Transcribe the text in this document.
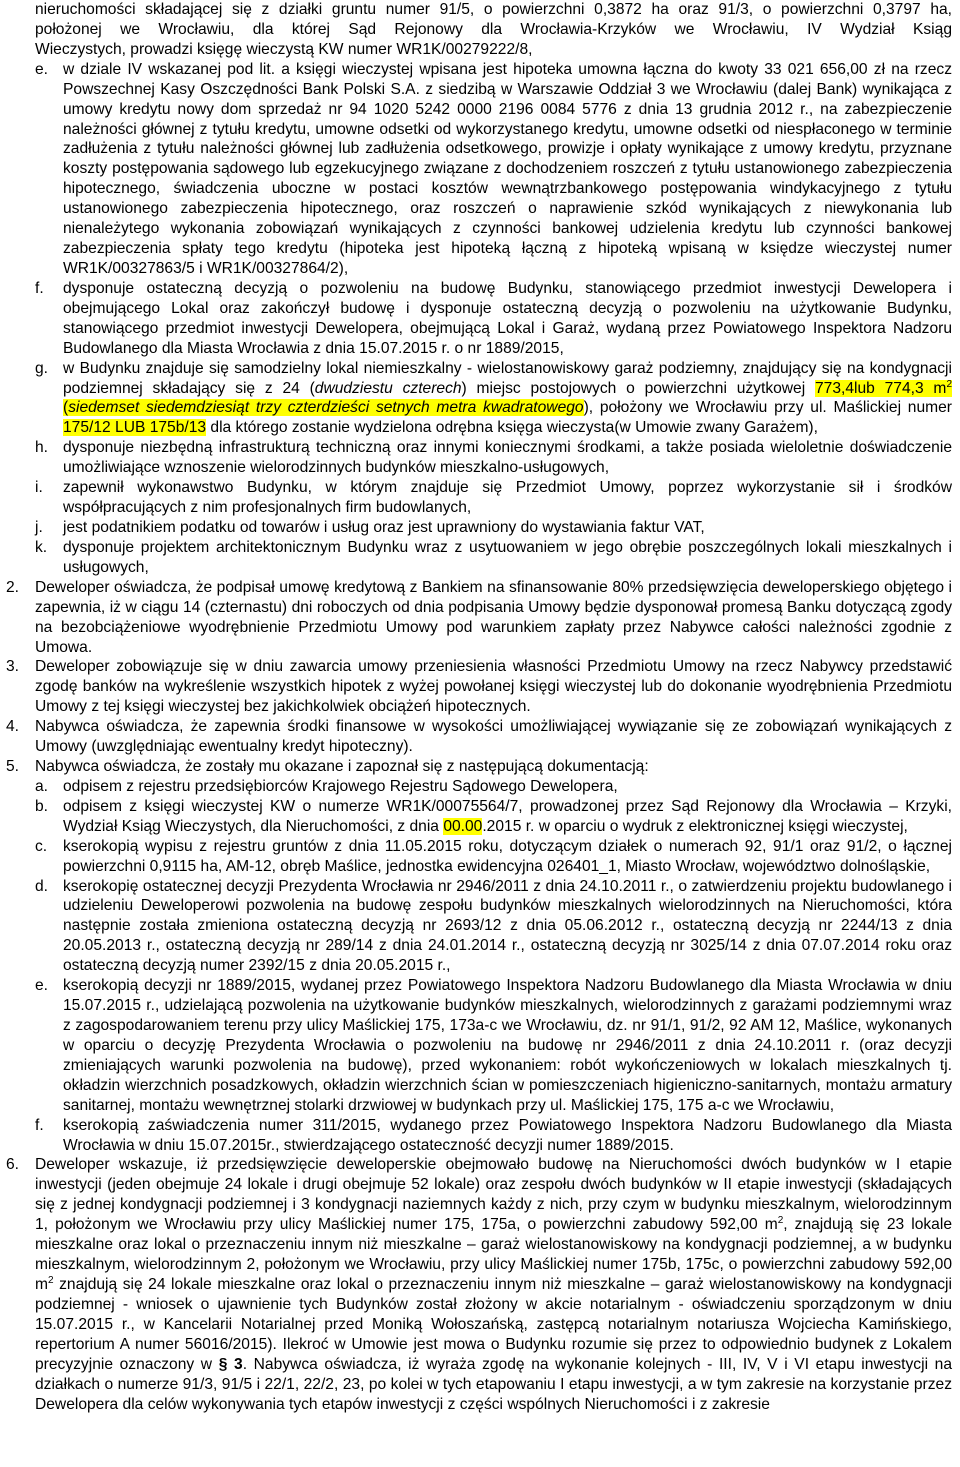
nieruchomości składającej się z działki gruntu numer 91/5, o powierzchni 0,3872 ha oraz 91/3, o powierzchni 0,3797 ha,
położonej we Wrocławiu, dla której Sąd Rejonowy dla Wrocławia-Krzyków we Wrocławiu, IV Wydział Ksiąg
Wieczystych, prowadzi księgę wieczystą KW numer WR1K/00279222/8,
e. w dziale IV wskazanej pod lit. a księgi wieczystej wpisana jest hipoteka umowna łączna do kwoty 33 021 656,00 zł na rzecz Powszechnej Kasy Oszczędności Bank Polski S.A. z siedzibą w Warszawie Oddział 3 we Wrocławiu (dalej Bank) wynikająca z umowy kredytu nowy dom sprzedaż nr 94 1020 5242 0000 2196 0084 5776 z dnia 13 grudnia 2012 r., na zabezpieczenie należności głównej z tytułu kredytu, umowne odsetki od wykorzystanego kredytu, umowne odsetki od niespłaconego w terminie zadłużenia z tytułu należności głównej lub zadłużenia odsetkowego, prowizje i opłaty wynikające z umowy kredytu, przyznane koszty postępowania sądowego lub egzekucyjnego związane z dochodzeniem roszczeń z tytułu ustanowionego zabezpieczenia hipotecznego, świadczenia uboczne w postaci kosztów wewnątrzbankowego postępowania windykacyjnego z tytułu ustanowionego zabezpieczenia hipotecznego, oraz roszczeń o naprawienie szkód wynikających z niewykonania lub nienależytego wykonania zobowiązań wynikających z czynności bankowej udzielenia kredytu lub czynności bankowej zabezpieczenia spłaty tego kredytu (hipoteka jest hipoteką łączną z hipoteką wpisaną w księdze wieczystej numer WR1K/00327863/5 i WR1K/00327864/2),
f. dysponuje ostateczną decyzją o pozwoleniu na budowę Budynku, stanowiącego przedmiot inwestycji Dewelopera i obejmującego Lokal oraz zakończył budowę i dysponuje ostateczną decyzją o pozwoleniu na użytkowanie Budynku, stanowiącego przedmiot inwestycji Dewelopera, obejmującą Lokal i Garaż, wydaną przez Powiatowego Inspektora Nadzoru Budowlanego dla Miasta Wrocławia z dnia 15.07.2015 r. o nr 1889/2015,
g. w Budynku znajduje się samodzielny lokal niemieszkalny - wielostanowiskowy garaż podziemny, znajdujący się na kondygnacji podziemnej składający się z 24 (dwudziestu czterech) miejsc postojowych o powierzchni użytkowej 773,4lub 774,3 $m^2$ (siedemset siedemdziesiąt trzy czterdzieści setnych metra kwadratowego), położony we Wrocławiu przy ul. Maślickiej numer 175/12 LUB 175b/13 dla którego zostanie wydzielona odrębna księga wieczysta(w Umowie zwany Garażem),
h. dysponuje niezbędną infrastrukturą techniczną oraz innymi koniecznymi środkami, a także posiada wieloletnie doświadczenie umożliwiające wznoszenie wielorodzinnych budynków mieszkalno-usługowych,
i. zapewnił wykonawstwo Budynku, w którym znajduje się Przedmiot Umowy, poprzez wykorzystanie sił i środków współpracujących z nim profesjonalnych firm budowlanych,
j. jest podatnikiem podatku od towarów i usług oraz jest uprawniony do wystawiania faktur VAT,
k. dysponuje projektem architektonicznym Budynku wraz z usytuowaniem w jego obrębie poszczególnych lokali mieszkalnych i usługowych,
2. Deweloper oświadcza, że podpisał umowę kredytową z Bankiem na sfinansowanie 80% przedsięwzięcia deweloperskiego objętego i zapewnia, iż w ciągu 14 (czternastu) dni roboczych od dnia podpisania Umowy będzie dysponował promesą Banku dotyczącą zgody na bezobciążeniowe wyodrębnienie Przedmiotu Umowy pod warunkiem zapłaty przez Nabywce całości należności zgodnie z Umowa.
3. Deweloper zobowiązuje się w dniu zawarcia umowy przeniesienia własności Przedmiotu Umowy na rzecz Nabywcy przedstawić zgodę banków na wykreślenie wszystkich hipotek z wyżej powołanej księgi wieczystej lub do dokonanie wyodrębnienia Przedmiotu Umowy z tej księgi wieczystej bez jakichkolwiek obciążeń hipotecznych.
4. Nabywca oświadcza, że zapewnia środki finansowe w wysokości umożliwiającej wywiązanie się ze zobowiązań wynikających z Umowy (uwzględniając ewentualny kredyt hipoteczny).
5. Nabywca oświadcza, że zostały mu okazane i zapoznał się z następującą dokumentacją:
a. odpisem z rejestru przedsiębiorców Krajowego Rejestru Sądowego Dewelopera,
b. odpisem z księgi wieczystej KW o numerze WR1K/00075564/7, prowadzonej przez Sąd Rejonowy dla Wrocławia – Krzyki, Wydział Ksiąg Wieczystych, dla Nieruchomości, z dnia 00.00.2015 r. w oparciu o wydruk z elektronicznej księgi wieczystej,
c. kserokopią wypisu z rejestru gruntów z dnia 11.05.2015 roku, dotyczącym działek o numerach 92, 91/1 oraz 91/2, o łącznej powierzchni 0,9115 ha, AM-12, obręb Maślice, jednostka ewidencyjna 026401_1, Miasto Wrocław, województwo dolnośląskie,
d. kserokopię ostatecznej decyzji Prezydenta Wrocławia nr 2946/2011 z dnia 24.10.2011 r., o zatwierdzeniu projektu budowlanego i udzieleniu Deweloperowi pozwolenia na budowę zespołu budynków mieszkalnych wielorodzinnych na Nieruchomości, która następnie została zmieniona ostateczną decyzją nr 2693/12 z dnia 05.06.2012 r., ostateczną decyzją nr 2244/13 z dnia 20.05.2013 r., ostateczną decyzją nr 289/14 z dnia 24.01.2014 r., ostateczną decyzją nr 3025/14 z dnia 07.07.2014 roku oraz ostateczną decyzją numer 2392/15 z dnia 20.05.2015 r.,
e. kserokopią decyzji nr 1889/2015, wydanej przez Powiatowego Inspektora Nadzoru Budowlanego dla Miasta Wrocławia w dniu 15.07.2015 r., udzielającą pozwolenia na użytkowanie budynków mieszkalnych, wielorodzinnych z garażami podziemnymi wraz z zagospodarowaniem terenu przy ulicy Maślickiej 175, 173a-c we Wrocławiu, dz. nr 91/1, 91/2, 92 AM 12, Maślice, wykonanych w oparciu o decyzję Prezydenta Wrocławia o pozwoleniu na budowę nr 2946/2011 z dnia 24.10.2011 r. (oraz decyzji zmieniających warunki pozwolenia na budowę), przed wykonaniem: robót wykończeniowych w lokalach mieszkalnych tj. okładzin wierzchnich posadzkowych, okładzin wierzchnich ścian w pomieszczeniach higieniczno-sanitarnych, montażu armatury sanitarnej, montażu wewnętrznej stolarki drzwiowej w budynkach przy ul. Maślickiej 175, 175 a-c we Wrocławiu,
f. kserokopią zaświadczenia numer 311/2015, wydanego przez Powiatowego Inspektora Nadzoru Budowlanego dla Miasta Wrocławia w dniu 15.07.2015r., stwierdzającego ostateczność decyzji numer 1889/2015.
6. Deweloper wskazuje, iż przedsięwzięcie deweloperskie obejmowało budowę na Nieruchomości dwóch budynków w I etapie inwestycji (jeden obejmuje 24 lokale i drugi obejmuje 52 lokale) oraz zespołu dwóch budynków w II etapie inwestycji (składających się z jednej kondygnacji podziemnej i 3 kondygnacji naziemnych każdy z nich, przy czym w budynku mieszkalnym, wielorodzinnym 1, położonym we Wrocławiu przy ulicy Maślickiej numer 175, 175a, o powierzchni zabudowy 592,00 $m^2$, znajdują się 23 lokale mieszkalne oraz lokal o przeznaczeniu innym niż mieszkalne – garaż wielostanowiskowy na kondygnacji podziemnej, a w budynku mieszkalnym, wielorodzinnym 2, położonym we Wrocławiu, przy ulicy Maślickiej numer 175b, 175c, o powierzchni zabudowy 592,00 $m^2$ znajdują się 24 lokale mieszkalne oraz lokal o przeznaczeniu innym niż mieszkalne – garaż wielostanowiskowy na kondygnacji podziemnej - wniosek o ujawnienie tych Budynków został złożony w akcie notarialnym - oświadczeniu sporządzonym w dniu 15.07.2015 r., w Kancelarii Notarialnej przed Moniką Wołoszańską, zastępcą notarialnym notariusza Wojciecha Kamińskiego, repertorium A numer 56016/2015). Ilekroć w Umowie jest mowa o Budynku rozumie się przez to odpowiednio budynek z Lokalem precyzyjnie oznaczony w § 3. Nabywca oświadcza, iż wyraża zgodę na wykonanie kolejnych - III, IV, V i VI etapu inwestycji na działkach o numerze 91/3, 91/5 i 22/1, 22/2, 23, po kolei w tych etapowaniu I etapu inwestycji, a w tym zakresie na korzystanie przez Dewelopera dla celów wykonywania tych etapów inwestycji z części wspólnych Nieruchomości i z zakresie
